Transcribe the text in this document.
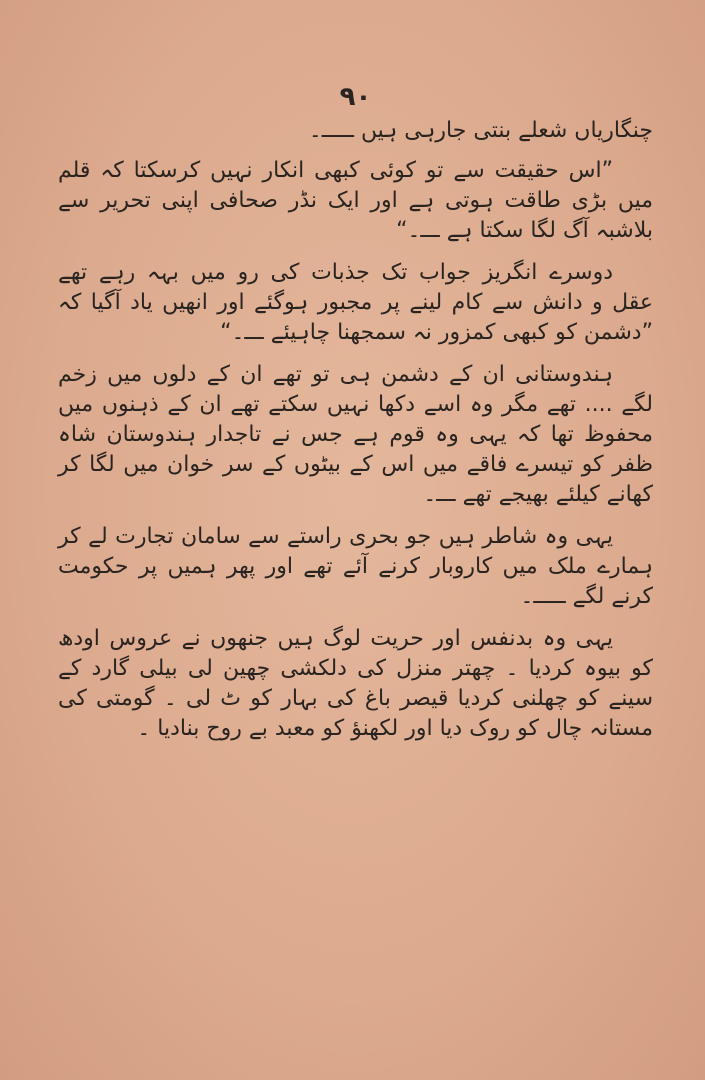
۹۰

چنگاریاں شعلے بنتی جارہی ہیں ـــــ۔

”اس حقیقت سے تو کوئی کبھی انکار نہیں کرسکتا کہ قلم میں بڑی طاقت ہوتی ہے اور ایک نڈر صحافی اپنی تحریر سے بلاشبہ آگ لگا سکتا ہے ـــ۔“

دوسرے انگریز جواب تک جذبات کی رو میں بہہ رہے تھے عقل و دانش سے کام لینے پر مجبور ہوگئے اور انھیں یاد آگیا کہ ”دشمن کو کبھی کمزور نہ سمجھنا چاہیئے ـــ۔“

ہندوستانی ان کے دشمن ہی تو تھے ان کے دلوں میں زخم لگے .... تھے مگر وہ اسے دکھا نہیں سکتے تھے ان کے ذہنوں میں محفوظ تھا کہ یہی وہ قوم ہے جس نے تاجدار ہندوستان شاہ ظفر کو تیسرے فاقے میں اس کے بیٹوں کے سر خوان میں لگا کر کھانے کیلئے بھیجے تھے ـــ۔

یہی وہ شاطر ہیں جو بحری راستے سے سامان تجارت لے کر ہمارے ملک میں کاروبار کرنے آئے تھے اور پھر ہمیں پر حکومت کرنے لگے ـــــ۔

یہی وہ بدنفس اور حریت لوگ ہیں جنھوں نے عروس اودھ کو بیوہ کردیا ۔ چھتر منزل کی دلکشی چھین لی بیلی گارد کے سینے کو چھلنی کردیا قیصر باغ کی بہار کو ٹ لی ۔ گومتی کی مستانہ چال کو روک دیا اور لکھنؤ کو معبد بے روح بنادیا ۔
